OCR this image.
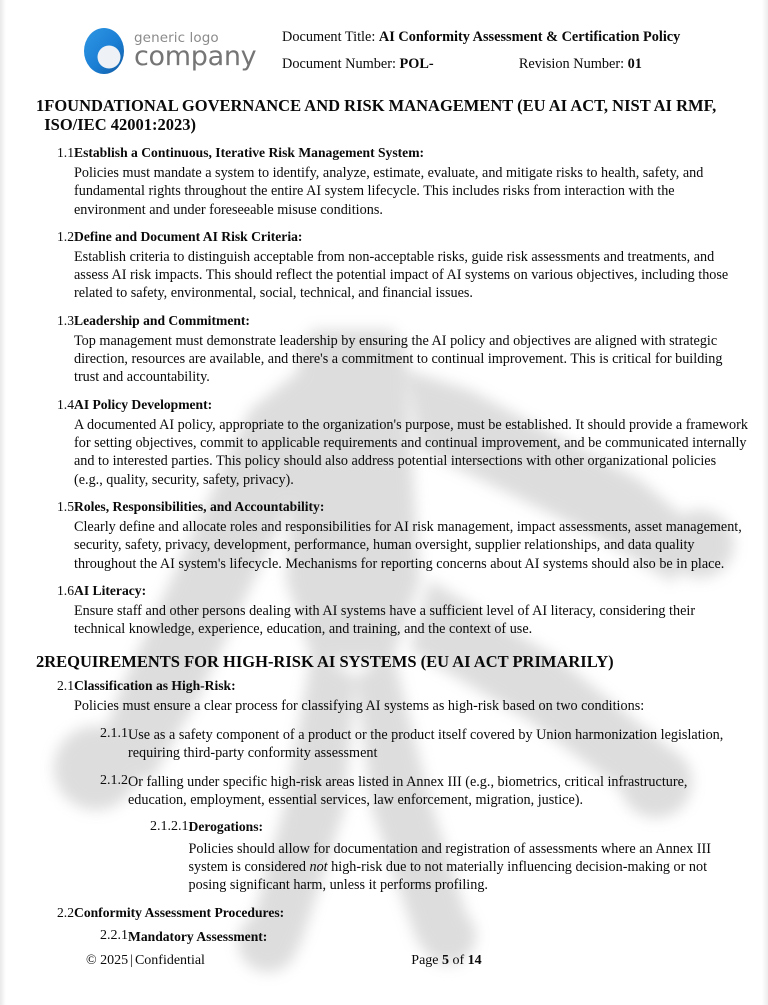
generic logo
company
Document Title: AI Conformity Assessment & Certification Policy
Document Number: POL-	Revision Number: 01
1 FOUNDATIONAL GOVERNANCE AND RISK MANAGEMENT (EU AI ACT, NIST AI RMF, ISO/IEC 42001:2023)
1.1 Establish a Continuous, Iterative Risk Management System:

Policies must mandate a system to identify, analyze, estimate, evaluate, and mitigate risks to health, safety, and fundamental rights throughout the entire AI system lifecycle. This includes risks from interaction with the environment and under foreseeable misuse conditions.

1.2 Define and Document AI Risk Criteria:

Establish criteria to distinguish acceptable from non-acceptable risks, guide risk assessments and treatments, and assess AI risk impacts. This should reflect the potential impact of AI systems on various objectives, including those related to safety, environmental, social, technical, and financial issues.

1.3 Leadership and Commitment:

Top management must demonstrate leadership by ensuring the AI policy and objectives are aligned with strategic direction, resources are available, and there's a commitment to continual improvement. This is critical for building trust and accountability.

1.4 AI Policy Development:

A documented AI policy, appropriate to the organization's purpose, must be established. It should provide a framework for setting objectives, commit to applicable requirements and continual improvement, and be communicated internally and to interested parties. This policy should also address potential intersections with other organizational policies (e.g., quality, security, safety, privacy).

1.5 Roles, Responsibilities, and Accountability:

Clearly define and allocate roles and responsibilities for AI risk management, impact assessments, asset management, security, safety, privacy, development, performance, human oversight, supplier relationships, and data quality throughout the AI system's lifecycle. Mechanisms for reporting concerns about AI systems should also be in place.

1.6 AI Literacy:

Ensure staff and other persons dealing with AI systems have a sufficient level of AI literacy, considering their technical knowledge, experience, education, and training, and the context of use.

2 REQUIREMENTS FOR HIGH-RISK AI SYSTEMS (EU AI ACT PRIMARILY)
2.1 Classification as High-Risk:

Policies must ensure a clear process for classifying AI systems as high-risk based on two conditions:

2.1.1 Use as a safety component of a product or the product itself covered by Union harmonization legislation, requiring third-party conformity assessment

2.1.2 Or falling under specific high-risk areas listed in Annex III (e.g., biometrics, critical infrastructure, education, employment, essential services, law enforcement, migration, justice).

2.1.2.1 Derogations:

Policies should allow for documentation and registration of assessments where an Annex III system is considered not high-risk due to not materially influencing decision-making or not posing significant harm, unless it performs profiling.

2.2 Conformity Assessment Procedures:
2.2.1 Mandatory Assessment:

© 2025 | Confidential	Page 5 of 14
